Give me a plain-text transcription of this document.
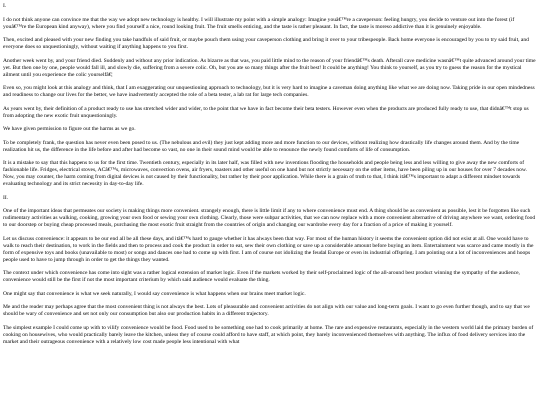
I.

I do not think anyone can convince me that the way we adopt new technology is healthy. I will illustrate my point with a simple analogy: Imagine youâ€™re a caveperson: feeling hungry, you decide to venture out into the forest (if youâ€™re the European kind anyway), where you find yourself a nice, round looking fruit. The fruit smells enticing, and the taste is rather pleasant. In fact, the taste is moreso addictive than it is genuinely enjoyable.

Then, excited and pleased with your new finding you take handfuls of said fruit, or maybe pouch them using your caveperson clothing and bring it over to your tribespeople. Back home everyone is encouraged by you to try said fruit, and everyone does so unquestioningly, without waiting if anything happens to you first.

Another week went by, and your friend died. Suddenly and without any prior indication. As bizarre as that was, you paid little mind to the reason of your friendâ€™s death. Afterall cave medicine wasnâ€™t quite advanced around your time yet. But then one by one, people would fall ill, and slowly die, suffering from a severe colic. Oh, but you ate so many things after the fruit best! It could be anything! You think to yourself, as you try to guess the reason for the mystical ailment until you experience the colic yourselfâ€¦

Even so, you might look at this analogy and think, that I am exaggerating our unquestioning approach to technology, but it is very hard to imagine a caveman doing anything like what we are doing now. Taking pride in our open mindedness and readiness to change our lives for the better, we have inadvertently accepted the role of a beta tester, a lab rat for large tech companies.

As years went by, their definition of a product ready to use has stretched wider and wider, to the point that we have in fact become their beta testers. However even when the products are produced fully ready to use, that didnâ€™t stop us from adopting the new exotic fruit unquestioningly.

We have given permission to figure out the harms as we go.

To be completely frank, the question has never even been posed to us. (The nebulous and evil) they just kept adding more and more function to our devices, without realizing how drastically life changes around them. And by the time realization hit us, the difference in the life before and after had become so vast, no one in their sound mind would be able to renounce the newly found comforts of life of consumption.

It is a mistake to say that this happens to us for the first time. Twentieth century, especially in its later half, was filled with new inventions flooding the households and people being less and less willing to give away the new comforts of fashionable life. Fridges, electrical stoves, ACâ€™s, microwaves, convection ovens, air fryers, toasters and other useful on one hand but not strictly necessary on the other items, have been piling up in our houses for over 7 decades now. Now, you may counter, the harm coming from digital devices is not caused by their functionality, but rather by their poor application. While there is a grain of truth to that, I think itâ€™s important to adapt a different mindset towards evaluating technology and its strict necessity in day-to-day life.

II.

One of the important ideas that permeates our society is making things more convenient. strangely enough, there is little limit if any to where convenience must end. A thing should be as convenient as possible, lest it be forgotten like such rudimentary activities as walking, cooking, growing your own food or sewing your own clothing. Clearly, those were subpar activities, that we can now replace with a more convenient alternative of driving anywhere we want, ordering food to our doorstep or buying cheap processed meals, purchasing the most exotic fruit straight from the countries of origin and changing our wardrobe every day for a fraction of a price of making it yourself.

Let us discuss convenience: it appears to be our end all be all these days, and itâ€™s hard to gauge whether it has always been that way. For most of the human history it seems the convenient option did not exist at all. One would have to walk to reach their destination, to work in the fields and then to process and cook the product in order to eat, sew their own clothing or save up a considerable amount before buying an item. Entertainment was scarce and came mostly in the form of expensive toys and books (unavailable to most) or songs and dances one had to come up with first. I am of course not idolizing the feudal Europe or even its industrial offspring. I am pointing out a lot of inconveniences and hoops people used to have to jump through in order to get the things they wanted.

The context under which convenience has come into sight was a rather logical extension of market logic. Even if the markets worked by their self-proclaimed logic of the all-around best product winning the sympathy of the audience, convenience would still be the first if not the most important criterium by which said audience would evaluate the thing.

One might say that convenience is what we seek naturally, I would say convenience is what happens when our brains meet market logic.

Me and the reader may perhaps agree that the most convenient thing is not always the best. Lots of pleasurable and convenient activities do not align with our value and long-term goals. I want to go even further though, and to say that we should be wary of convenience and set not only our consumption but also our production habits in a different trajectory.

The simplest example I could come up with to vilify convenience would be food. Food used to be something one had to cook primarily at home. The rare and expensive restaurants, especially in the western world laid the primary burden of cooking on housewives, who would practically barely leave the kitchen, unless they of course could afford to have staff, at which point, they barely inconvenienced themselves with anything. The influx of food delivery services into the market and their outrageous convenience with a relatively low cost made people less intentional with what
